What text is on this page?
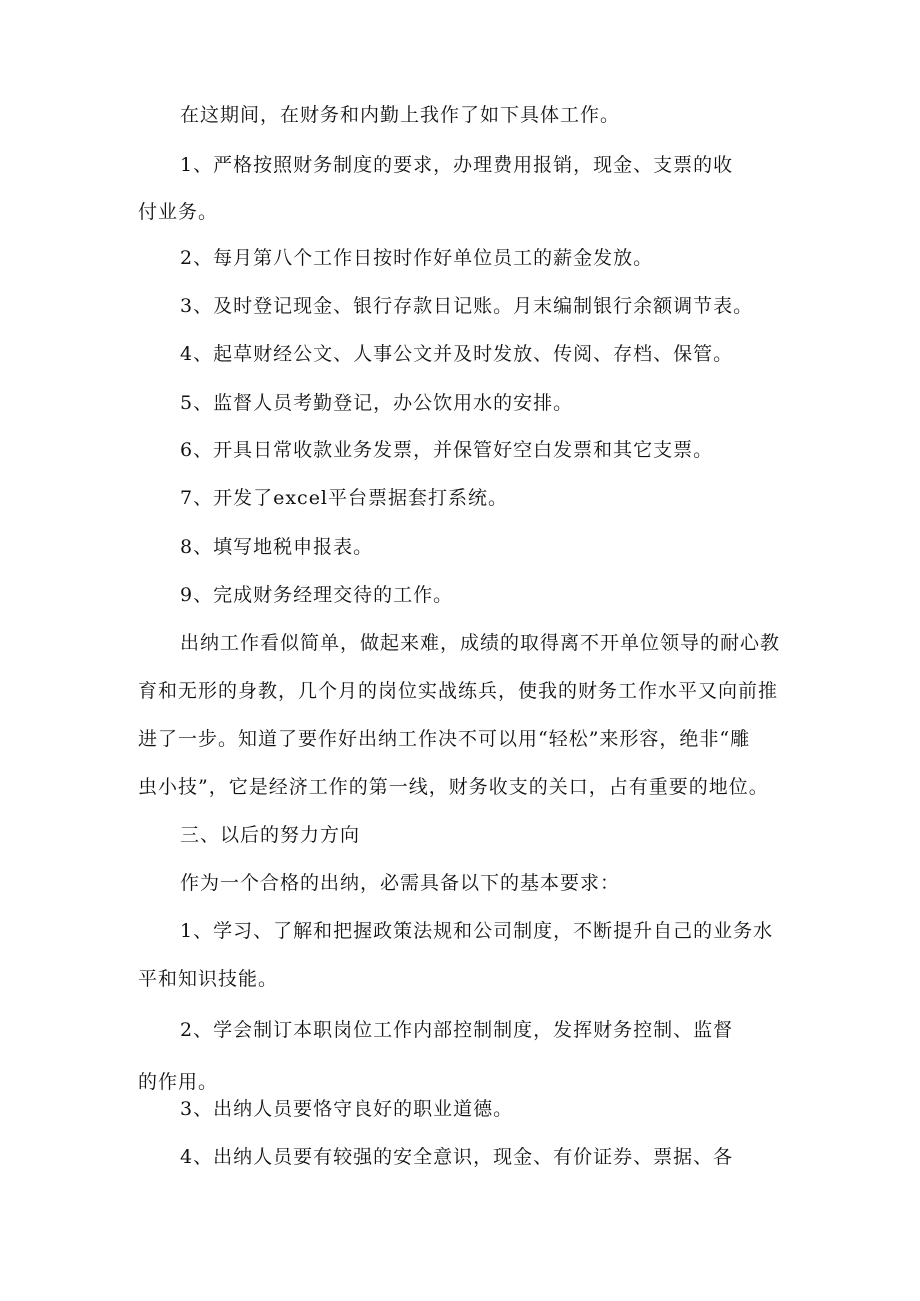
在这期间，在财务和内勤上我作了如下具体工作。
1、严格按照财务制度的要求，办理费用报销，现金、支票的收
付业务。
2、每月第八个工作日按时作好单位员工的薪金发放。
3、及时登记现金、银行存款日记账。月末编制银行余额调节表。
4、起草财经公文、人事公文并及时发放、传阅、存档、保管。
5、监督人员考勤登记，办公饮用水的安排。
6、开具日常收款业务发票，并保管好空白发票和其它支票。
7、开发了excel平台票据套打系统。
8、填写地税申报表。
9、完成财务经理交待的工作。
出纳工作看似简单，做起来难，成绩的取得离不开单位领导的耐心教
育和无形的身教，几个月的岗位实战练兵，使我的财务工作水平又向前推
进了一步。知道了要作好出纳工作决不可以用“轻松”来形容，绝非“雕
虫小技”，它是经济工作的第一线，财务收支的关口，占有重要的地位。
三、以后的努力方向
作为一个合格的出纳，必需具备以下的基本要求：
1、学习、了解和把握政策法规和公司制度，不断提升自己的业务水
平和知识技能。
2、学会制订本职岗位工作内部控制制度，发挥财务控制、监督
的作用。
3、出纳人员要恪守良好的职业道德。
4、出纳人员要有较强的安全意识，现金、有价证券、票据、各
